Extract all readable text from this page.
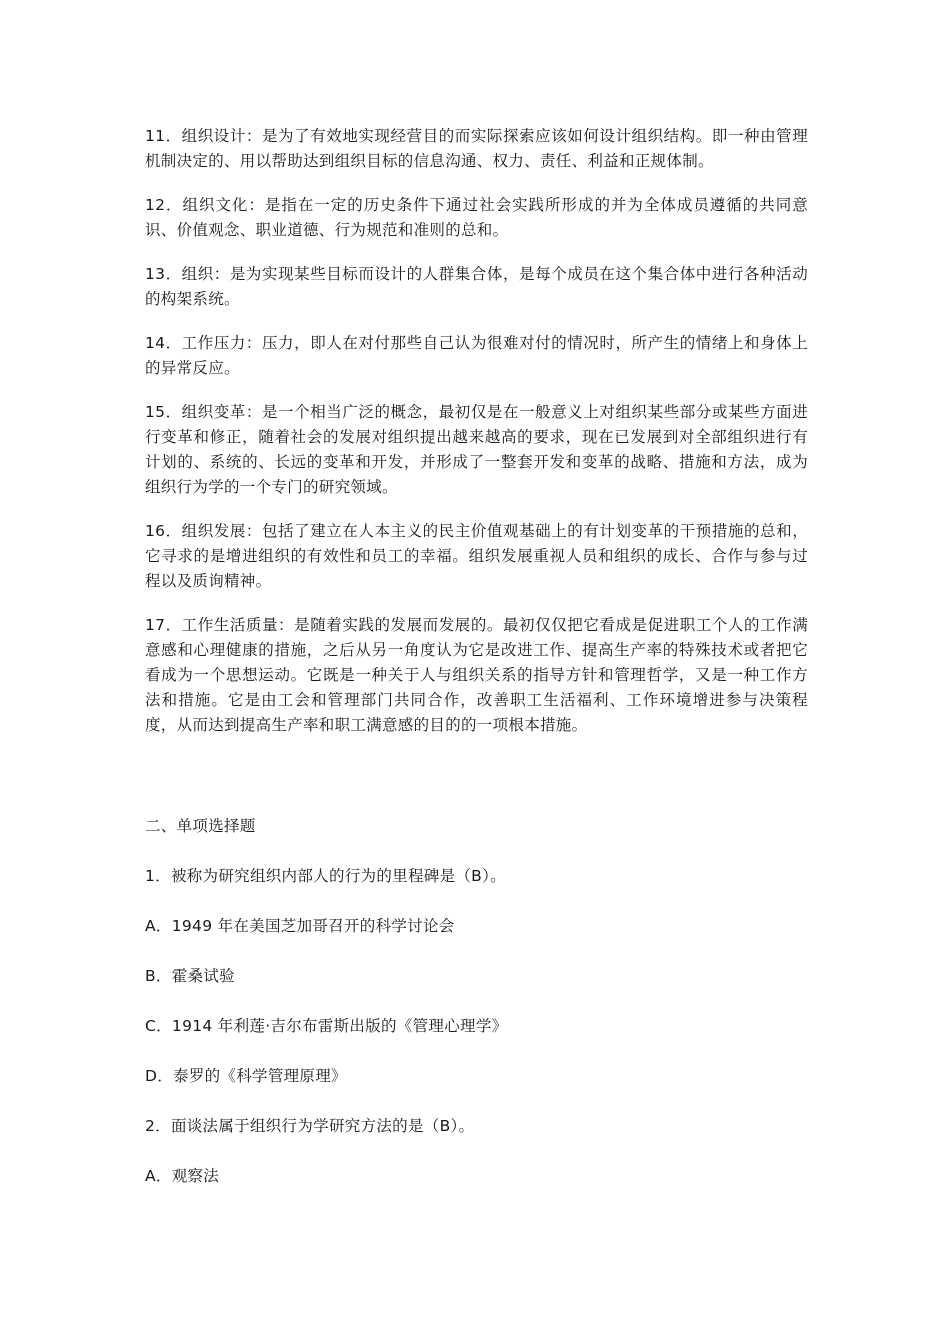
11．组织设计：是为了有效地实现经营目的而实际探索应该如何设计组织结构。即一种由管理机制决定的、用以帮助达到组织目标的信息沟通、权力、责任、利益和正规体制。

12．组织文化：是指在一定的历史条件下通过社会实践所形成的并为全体成员遵循的共同意识、价值观念、职业道德、行为规范和准则的总和。

13．组织：是为实现某些目标而设计的人群集合体，是每个成员在这个集合体中进行各种活动的构架系统。

14．工作压力：压力，即人在对付那些自己认为很难对付的情况时，所产生的情绪上和身体上的异常反应。

15．组织变革：是一个相当广泛的概念，最初仅是在一般意义上对组织某些部分或某些方面进行变革和修正，随着社会的发展对组织提出越来越高的要求，现在已发展到对全部组织进行有计划的、系统的、长远的变革和开发，并形成了一整套开发和变革的战略、措施和方法，成为组织行为学的一个专门的研究领域。

16．组织发展：包括了建立在人本主义的民主价值观基础上的有计划变革的干预措施的总和，它寻求的是增进组织的有效性和员工的幸福。组织发展重视人员和组织的成长、合作与参与过程以及质询精神。

17．工作生活质量：是随着实践的发展而发展的。最初仅仅把它看成是促进职工个人的工作满意感和心理健康的措施，之后从另一角度认为它是改进工作、提高生产率的特殊技术或者把它看成为一个思想运动。它既是一种关于人与组织关系的指导方针和管理哲学，又是一种工作方法和措施。它是由工会和管理部门共同合作，改善职工生活福利、工作环境增进参与决策程度，从而达到提高生产率和职工满意感的目的的一项根本措施。

二、单项选择题

1．被称为研究组织内部人的行为的里程碑是（B）。

A．1949 年在美国芝加哥召开的科学讨论会

B．霍桑试验

C．1914 年利莲·吉尔布雷斯出版的《管理心理学》

D．泰罗的《科学管理原理》

2．面谈法属于组织行为学研究方法的是（B）。

A．观察法
